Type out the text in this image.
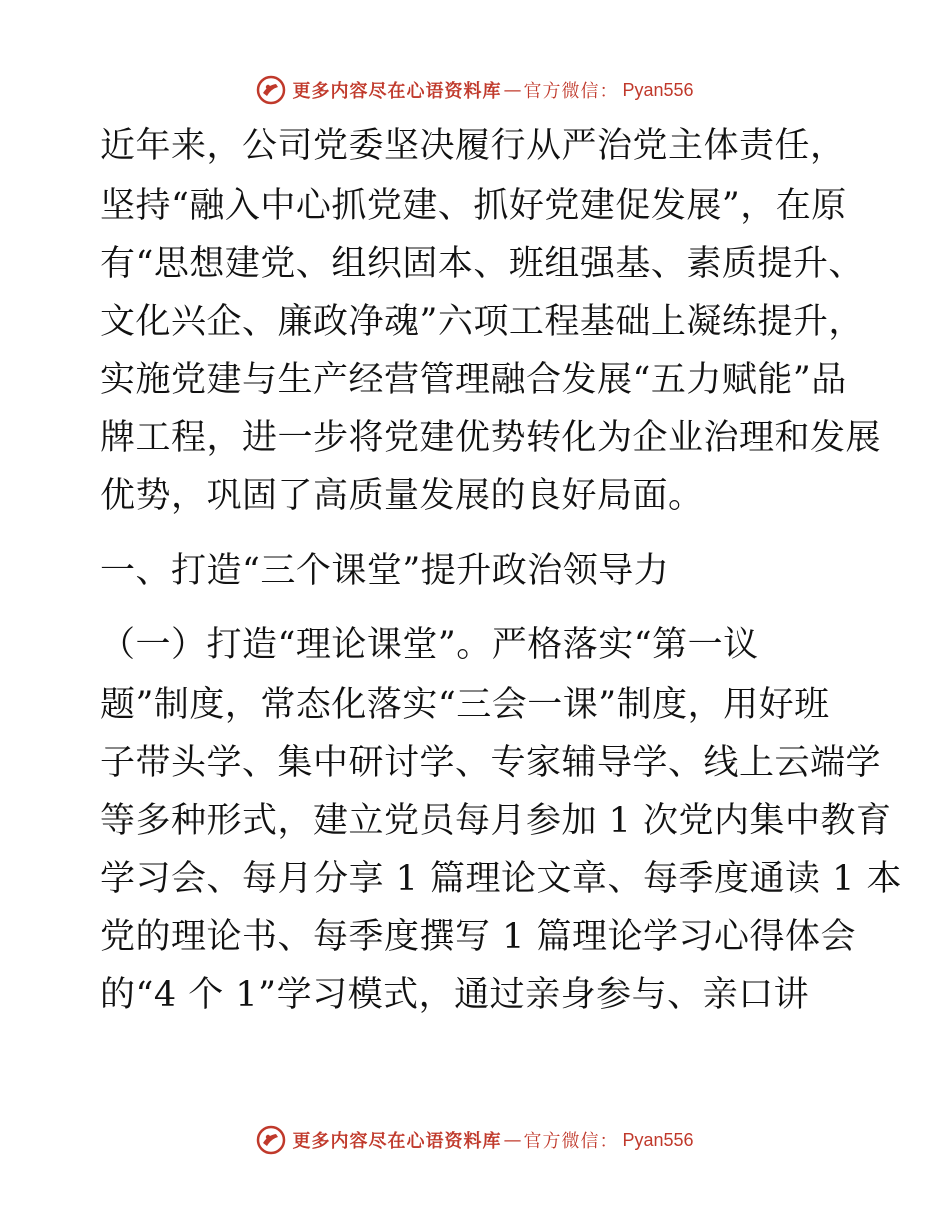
更多内容尽在心语资料库 — 官方微信： Pyan556
近年来，公司党委坚决履行从严治党主体责任，
坚持“融入中心抓党建、抓好党建促发展”，在原
有“思想建党、组织固本、班组强基、素质提升、
文化兴企、廉政净魂”六项工程基础上凝练提升，
实施党建与生产经营管理融合发展“五力赋能”品
牌工程，进一步将党建优势转化为企业治理和发展
优势，巩固了高质量发展的良好局面。
一、打造“三个课堂”提升政治领导力
（一）打造“理论课堂”。严格落实“第一议
题”制度，常态化落实“三会一课”制度，用好班
子带头学、集中研讨学、专家辅导学、线上云端学
等多种形式，建立党员每月参加 1 次党内集中教育
学习会、每月分享 1 篇理论文章、每季度通读 1 本
党的理论书、每季度撰写 1 篇理论学习心得体会
的“4 个 1”学习模式，通过亲身参与、亲口讲
更多内容尽在心语资料库 — 官方微信： Pyan556
